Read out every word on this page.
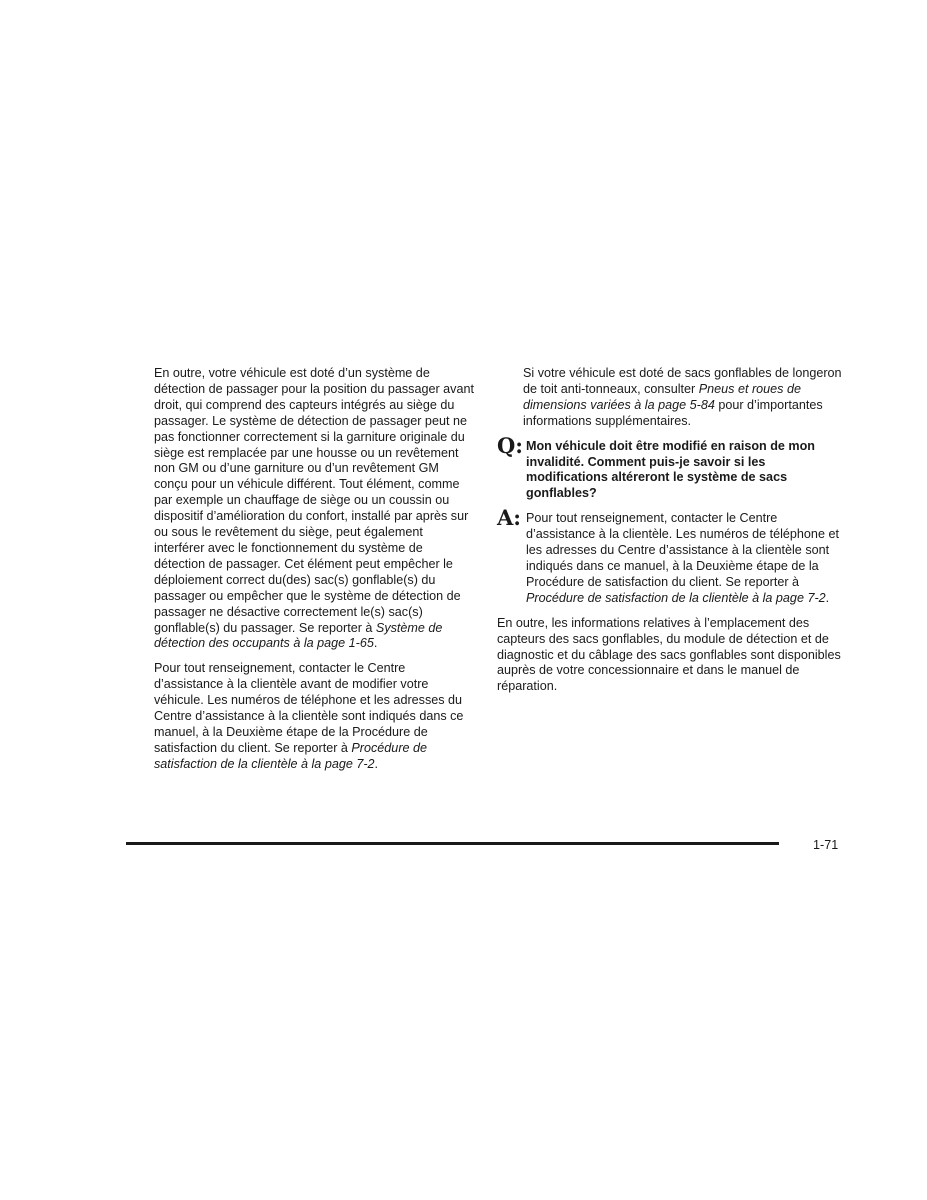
En outre, votre véhicule est doté d’un système de détection de passager pour la position du passager avant droit, qui comprend des capteurs intégrés au siège du passager. Le système de détection de passager peut ne pas fonctionner correctement si la garniture originale du siège est remplacée par une housse ou un revêtement non GM ou d’une garniture ou d’un revêtement GM conçu pour un véhicule différent. Tout élément, comme par exemple un chauffage de siège ou un coussin ou dispositif d’amélioration du confort, installé par après sur ou sous le revêtement du siège, peut également interférer avec le fonctionnement du système de détection de passager. Cet élément peut empêcher le déploiement correct du(des) sac(s) gonflable(s) du passager ou empêcher que le système de détection de passager ne désactive correctement le(s) sac(s) gonflable(s) du passager. Se reporter à Système de détection des occupants à la page 1-65.

Pour tout renseignement, contacter le Centre d’assistance à la clientèle avant de modifier votre véhicule. Les numéros de téléphone et les adresses du Centre d’assistance à la clientèle sont indiqués dans ce manuel, à la Deuxième étape de la Procédure de satisfaction du client. Se reporter à Procédure de satisfaction de la clientèle à la page 7-2.

Si votre véhicule est doté de sacs gonflables de longeron de toit anti-tonneaux, consulter Pneus et roues de dimensions variées à la page 5-84 pour d’importantes informations supplémentaires.

Q: Mon véhicule doit être modifié en raison de mon invalidité. Comment puis-je savoir si les modifications altéreront le système de sacs gonflables?
A: Pour tout renseignement, contacter le Centre d’assistance à la clientèle. Les numéros de téléphone et les adresses du Centre d’assistance à la clientèle sont indiqués dans ce manuel, à la Deuxième étape de la Procédure de satisfaction du client. Se reporter à Procédure de satisfaction de la clientèle à la page 7-2.

En outre, les informations relatives à l’emplacement des capteurs des sacs gonflables, du module de détection et de diagnostic et du câblage des sacs gonflables sont disponibles auprès de votre concessionnaire et dans le manuel de réparation.

1-71
